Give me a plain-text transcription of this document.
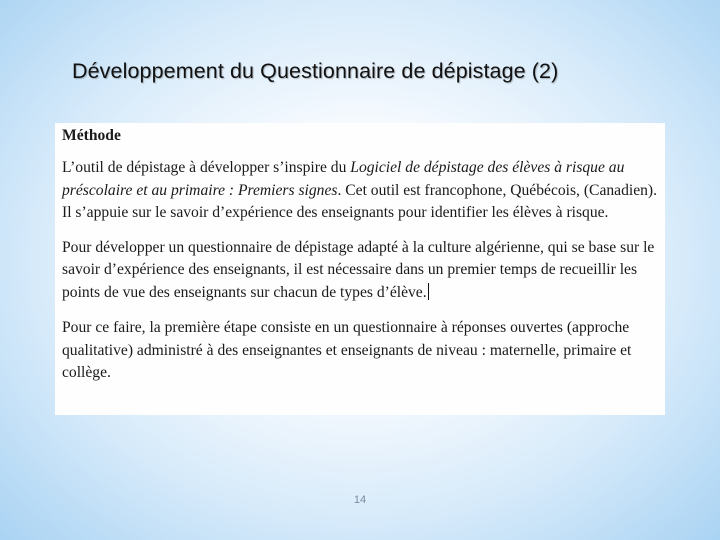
Développement du Questionnaire de dépistage (2)

Méthode

L’outil de dépistage à développer s’inspire du Logiciel de dépistage des élèves à risque au préscolaire et au primaire : Premiers signes. Cet outil est francophone, Québécois, (Canadien). Il s’appuie sur le savoir d’expérience des enseignants pour identifier les élèves à risque.

Pour développer un questionnaire de dépistage adapté à la culture algérienne, qui se base sur le savoir d’expérience des enseignants, il est nécessaire dans un premier temps de recueillir les points de vue des enseignants sur chacun de types d’élève.

Pour ce faire, la première étape consiste en un questionnaire à réponses ouvertes (approche qualitative) administré à des enseignantes et enseignants de niveau : maternelle, primaire et collège.

14
